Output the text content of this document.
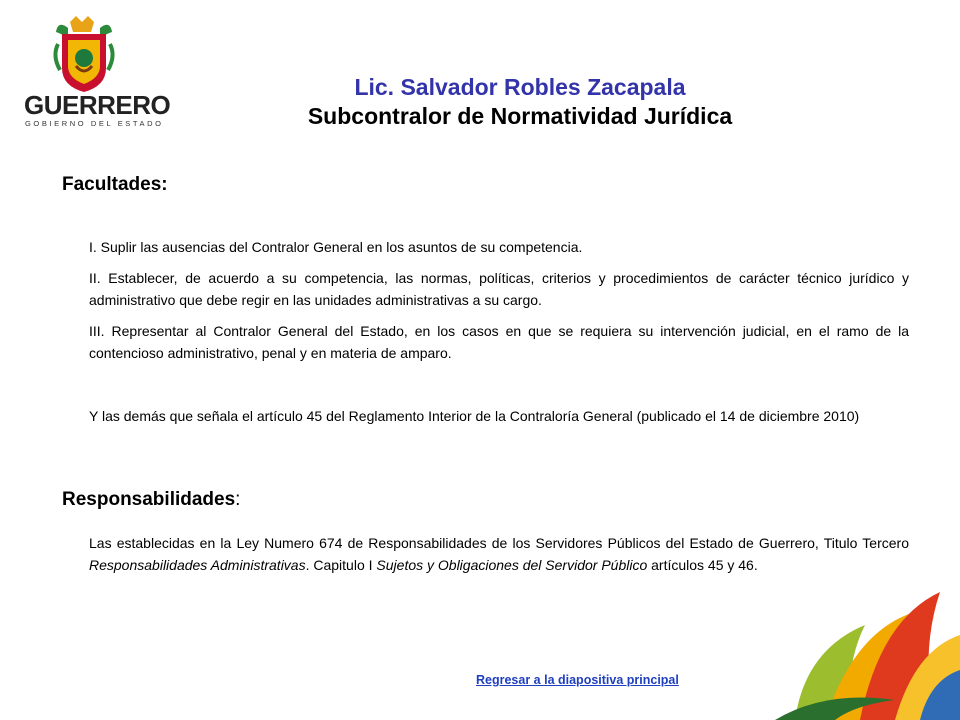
GUERRERO
GOBIERNO DEL ESTADO
Lic. Salvador Robles Zacapala
Subcontralor de Normatividad Jurídica
Facultades:

I. Suplir las ausencias del Contralor General en los asuntos de su competencia.

II. Establecer, de acuerdo a su competencia, las normas, políticas, criterios y procedimientos de carácter técnico jurídico y administrativo que debe regir en las unidades administrativas a su cargo.

III. Representar al Contralor General del Estado, en los casos en que se requiera su intervención judicial, en el ramo de la contencioso administrativo, penal y en materia de amparo.

Y las demás que señala el artículo 45 del Reglamento Interior de la Contraloría General (publicado el 14 de diciembre 2010)

Responsabilidades:

Las establecidas en la Ley Numero 674 de Responsabilidades de los Servidores Públicos del Estado de Guerrero, Titulo Tercero Responsabilidades Administrativas. Capitulo I Sujetos y Obligaciones del Servidor Público artículos 45 y 46.

Regresar a la diapositiva principal
